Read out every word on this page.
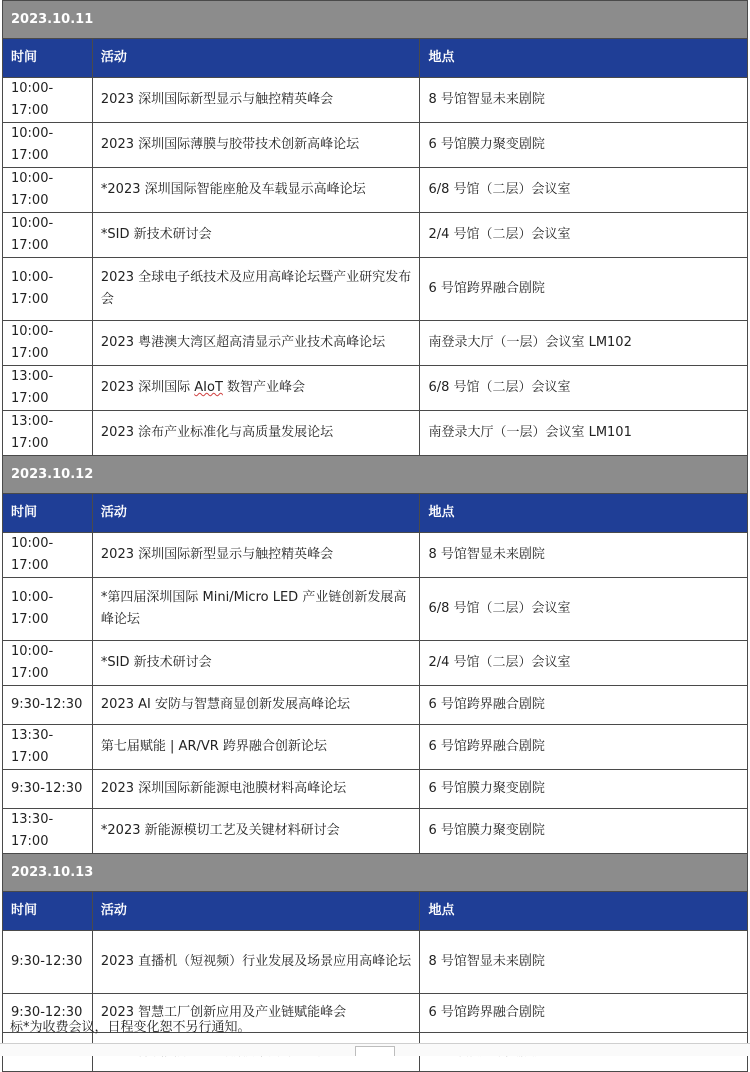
2023.10.11		
时间	活动	地点
10:00-17:00	2023 深圳国际新型显示与触控精英峰会	8 号馆智显未来剧院
10:00-17:00	2023 深圳国际薄膜与胶带技术创新高峰论坛	6 号馆膜力聚变剧院
10:00-17:00	*2023 深圳国际智能座舱及车载显示高峰论坛	6/8 号馆（二层）会议室
10:00-17:00	*SID 新技术研讨会	2/4 号馆（二层）会议室
10:00-17:00	2023 全球电子纸技术及应用高峰论坛暨产业研究发布会	6 号馆跨界融合剧院
10:00-17:00	2023 粤港澳大湾区超高清显示产业技术高峰论坛	南登录大厅（一层）会议室 LM102
13:00-17:00	2023 深圳国际 AIoT 数智产业峰会	6/8 号馆（二层）会议室
13:00-17:00	2023 涂布产业标准化与高质量发展论坛	南登录大厅（一层）会议室 LM101
2023.10.12		
时间	活动	地点
10:00-17:00	2023 深圳国际新型显示与触控精英峰会	8 号馆智显未来剧院
10:00-17:00	*第四届深圳国际 Mini/Micro LED 产业链创新发展高峰论坛	6/8 号馆（二层）会议室
10:00-17:00	*SID 新技术研讨会	2/4 号馆（二层）会议室
9:30-12:30	2023 AI 安防与智慧商显创新发展高峰论坛	6 号馆跨界融合剧院
13:30-17:00	第七届赋能 | AR/VR 跨界融合创新论坛	6 号馆跨界融合剧院
9:30-12:30	2023 深圳国际新能源电池膜材料高峰论坛	6 号馆膜力聚变剧院
13:30-17:00	*2023 新能源模切工艺及关键材料研讨会	6 号馆膜力聚变剧院
2023.10.13		
时间	活动	地点
9:30-12:30	2023 直播机（短视频）行业发展及场景应用高峰论坛	8 号馆智显未来剧院
9:30-12:30	2023 智慧工厂创新应用及产业链赋能峰会	6 号馆跨界融合剧院

标*为收费会议，日程变化恕不另行通知。
